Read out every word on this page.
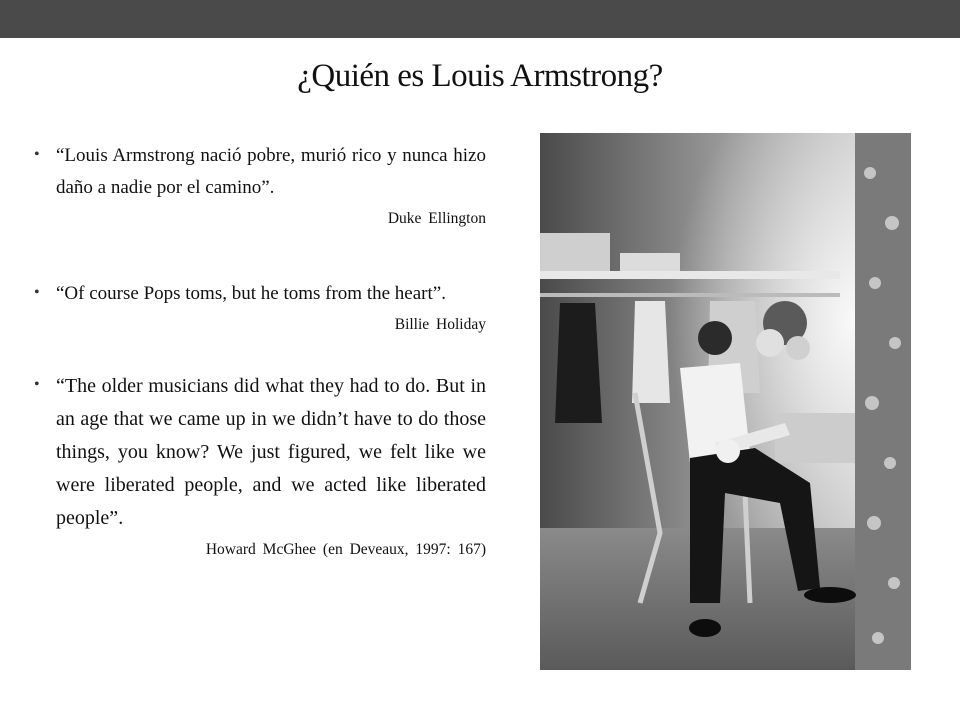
¿Quién es Louis Armstrong?
• “Louis Armstrong nació pobre, murió rico y nunca hizo daño a nadie por el camino”.
Duke Ellington
• “Of course Pops toms, but he toms from the heart”.
Billie Holiday
• “The older musicians did what they had to do. But in an age that we came up in we didn’t have to do those things, you know? We just figured, we felt like we were liberated people, and we acted like liberated people”.
Howard McGhee (en Deveaux, 1997: 167)
